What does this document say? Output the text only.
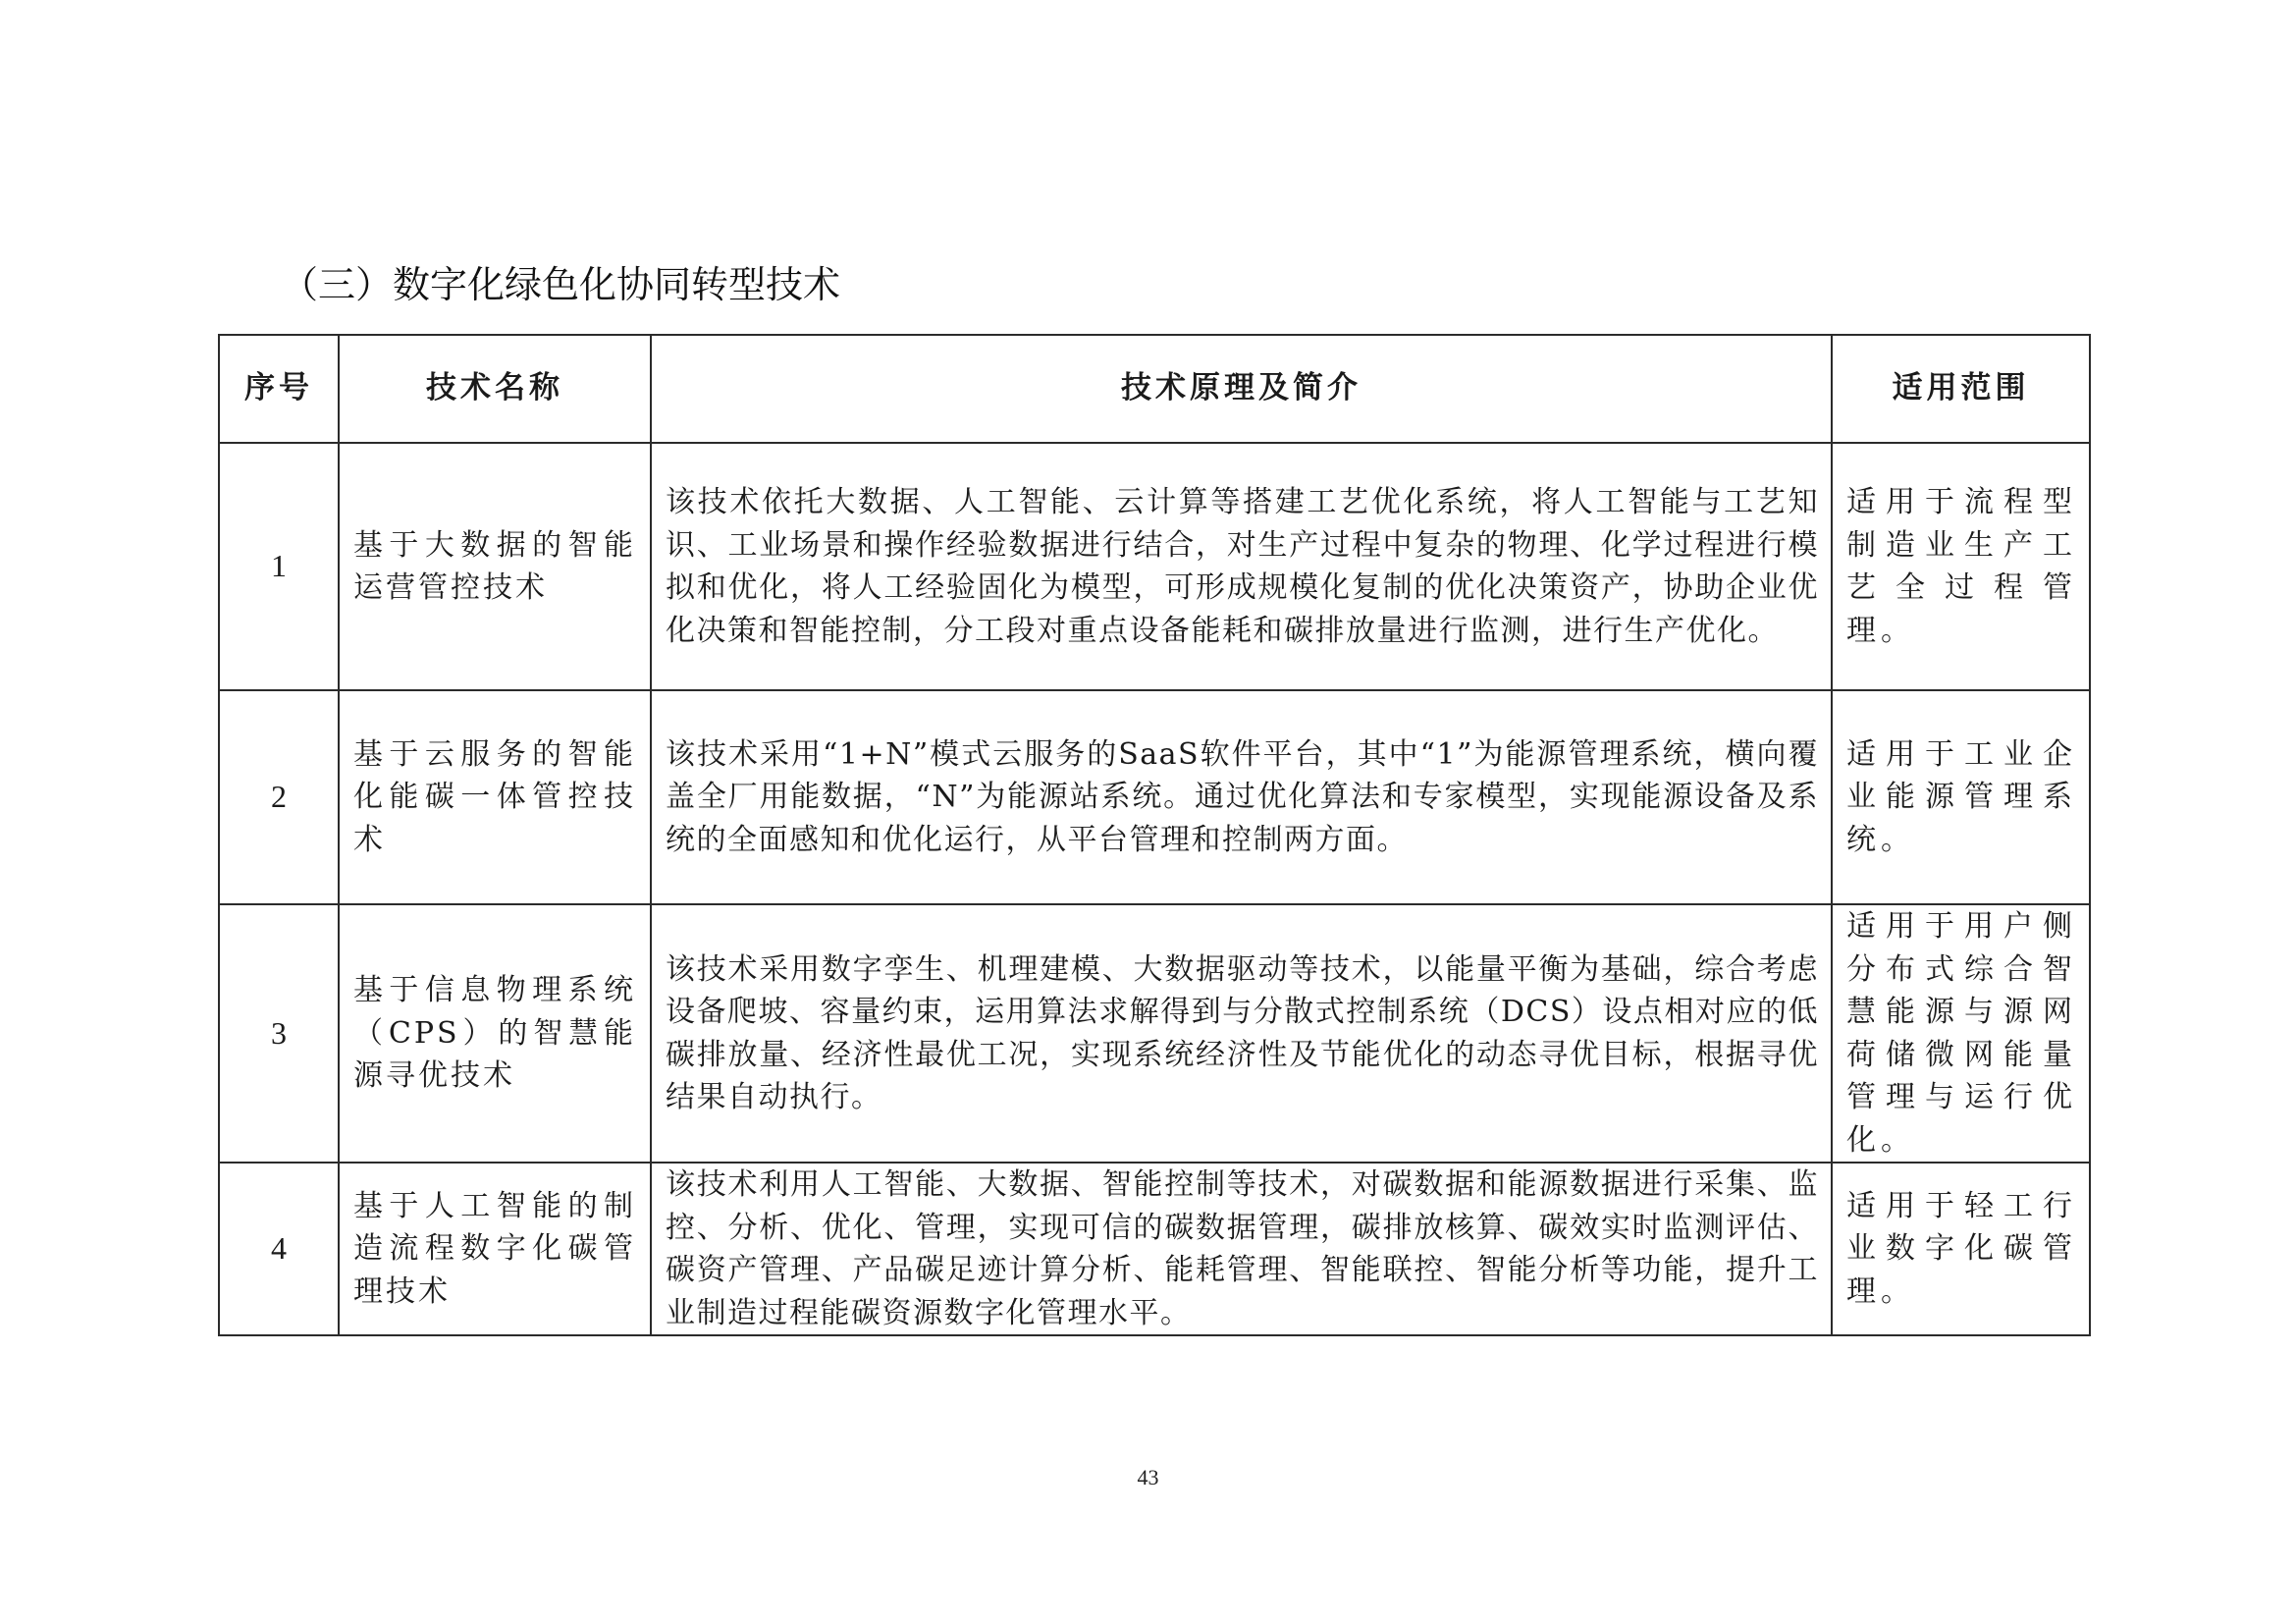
（三）数字化绿色化协同转型技术
序号	技术名称	技术原理及简介	适用范围
1	基于大数据的智能运营管控技术	该技术依托大数据、人工智能、云计算等搭建工艺优化系统，将人工智能与工艺知识、工业场景和操作经验数据进行结合，对生产过程中复杂的物理、化学过程进行模拟和优化，将人工经验固化为模型，可形成规模化复制的优化决策资产，协助企业优化决策和智能控制，分工段对重点设备能耗和碳排放量进行监测，进行生产优化。	适用于流程型制造业生产工艺全过程管理。
2	基于云服务的智能化能碳一体管控技术	该技术采用“1+N”模式云服务的SaaS软件平台，其中“1”为能源管理系统，横向覆盖全厂用能数据，“N”为能源站系统。通过优化算法和专家模型，实现能源设备及系统的全面感知和优化运行，从平台管理和控制两方面。	适用于工业企业能源管理系统。
3	基于信息物理系统（CPS）的智慧能源寻优技术	该技术采用数字孪生、机理建模、大数据驱动等技术，以能量平衡为基础，综合考虑设备爬坡、容量约束，运用算法求解得到与分散式控制系统（DCS）设点相对应的低碳排放量、经济性最优工况，实现系统经济性及节能优化的动态寻优目标，根据寻优结果自动执行。	适用于用户侧分布式综合智慧能源与源网荷储微网能量管理与运行优化。
4	基于人工智能的制造流程数字化碳管理技术	该技术利用人工智能、大数据、智能控制等技术，对碳数据和能源数据进行采集、监控、分析、优化、管理，实现可信的碳数据管理，碳排放核算、碳效实时监测评估、碳资产管理、产品碳足迹计算分析、能耗管理、智能联控、智能分析等功能，提升工业制造过程能碳资源数字化管理水平。	适用于轻工行业数字化碳管理。
43
